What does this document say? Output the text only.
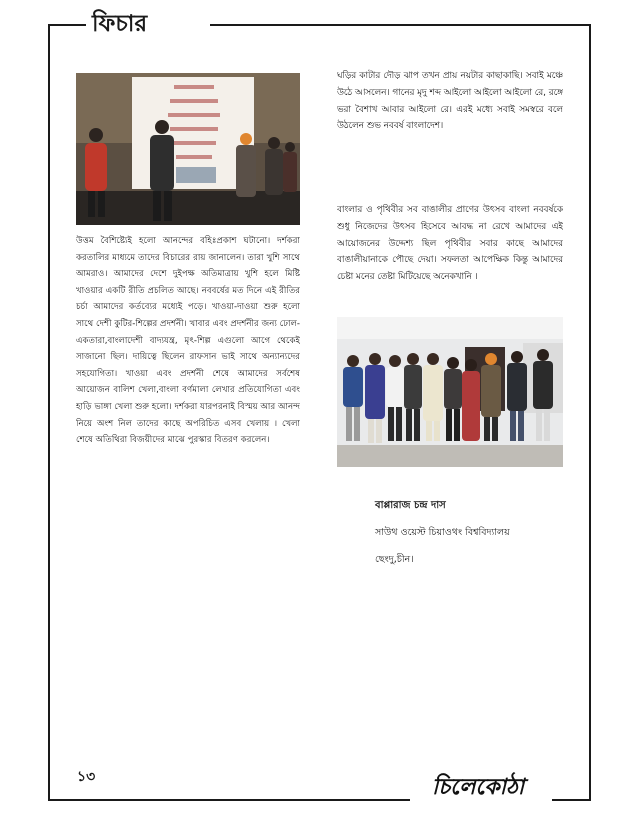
ফিচার

উত্তম বৈশিষ্ট্যেই হলো আনন্দের বহিঃপ্রকাশ ঘটানো। দর্শকরা করতালির মাধ্যমে তাদের বিচারের রায় জানালেন। তারা খুশি সাথে আমরাও। আমাদের দেশে দুইপক্ষ অতিমাত্রায় খুশি হলে মিষ্টি খাওয়ার একটি রীতি প্রচলিত আছে। নববর্ষের মত দিনে এই রীতির চর্চা আমাদের কর্তব্যের মধ্যেই পড়ে। খাওয়া-দাওয়া শুরু হলো সাথে দেশী কুটির-শিল্পের প্রদর্শনী। খাবার এবং প্রদর্শনীর জন্য ঢোল-একতারা,বাংলাদেশী বাদ্যযন্ত্র, মৃৎ-শিল্প এগুলো আগে থেকেই সাজানো ছিল। দায়িত্বে ছিলেন রাফসান ভাই সাথে অন্যান্যদের সহযোগিতা। খাওয়া এবং প্রদর্শনী শেষে আমাদের সর্বশেষ আয়োজন বালিশ খেলা,বাংলা বর্ণমালা লেখার প্রতিযোগিতা এবং হাড়ি ভাঙ্গা খেলা শুরু হলো। দর্শকরা যারপরনাই বিস্ময় আর আনন্দ নিয়ে অংশ নিল তাদের কাছে অপরিচিত এসব খেলায় । খেলা শেষে অতিথিরা বিজয়ীদের মাঝে পুরস্কার বিতরণ করলেন।

ঘড়ির কাটার দৌড় ঝাপ তখন প্রায় নয়টার কাছাকাছি। সবাই মঞ্চে উঠে আসলেন। গানের মৃদু শব্দ আইলো আইলো আইলো রে, রঙ্গে ভরা বৈশাখ আবার আইলো রে। এরই মধ্যে সবাই সমস্বরে বলে উঠলেন শুভ নববর্ষ বাংলাদেশ।

বাংলার ও পৃথিবীর সব বাঙালীর প্রাণের উৎসব বাংলা নববর্ষকে শুধু নিজেদের উৎসব হিসেবে আবদ্ধ না রেখে আমাদের এই আয়োজনের উদ্দেশ্য ছিল পৃথিবীর সবার কাছে আমাদের বাঙালীয়ানাকে পৌছে দেয়া। সফলতা আপেক্ষিক কিন্তু আমাদের চেষ্টা মনের তেষ্টা মিটিয়েছে অনেকখানি ।

বাপ্পারাজ চন্দ্র দাস
সাউথ ওয়েস্ট চিয়াওথং বিশ্ববিদ্যালয়
ছেংদু,চীন।
১৩	চিলেকোঠা
